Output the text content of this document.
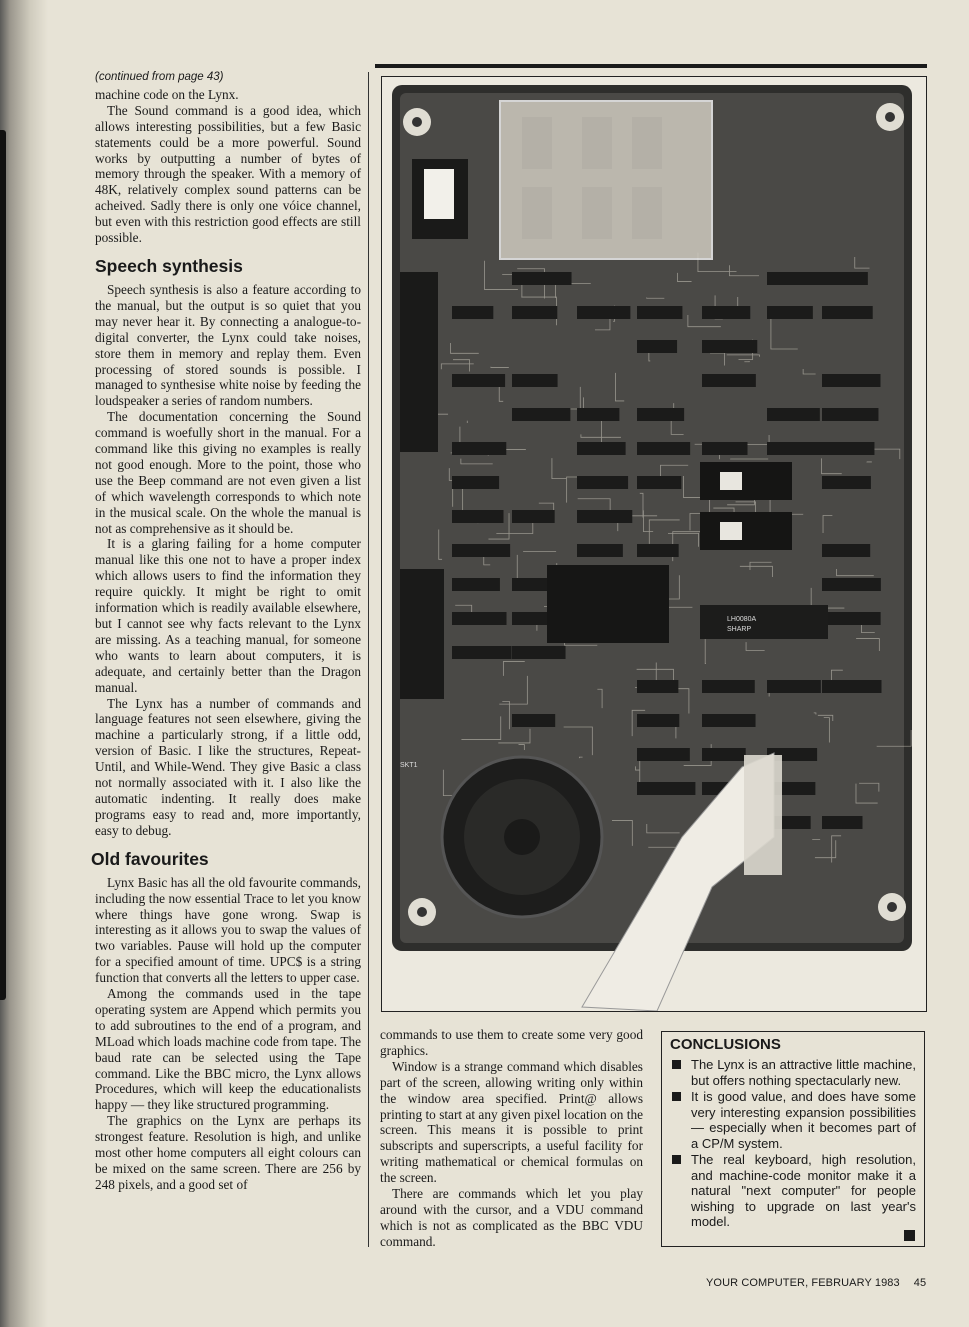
(continued from page 43)

machine code on the Lynx.

The Sound command is a good idea, which allows interesting possibilities, but a few Basic statements could be a more powerful. Sound works by outputting a number of bytes of memory through the speaker. With a memory of 48K, relatively complex sound patterns can be acheived. Sadly there is only one vóice channel, but even with this restriction good effects are still possible.

Speech synthesis

Speech synthesis is also a feature according to the manual, but the output is so quiet that you may never hear it. By connecting a analogue-to-digital converter, the Lynx could take noises, store them in memory and replay them. Even processing of stored sounds is possible. I managed to synthesise white noise by feeding the loudspeaker a series of random numbers.

The documentation concerning the Sound command is woefully short in the manual. For a command like this giving no examples is really not good enough. More to the point, those who use the Beep command are not even given a list of which wavelength corresponds to which note in the musical scale. On the whole the manual is not as comprehensive as it should be.

It is a glaring failing for a home computer manual like this one not to have a proper index which allows users to find the information they require quickly. It might be right to omit information which is readily available elsewhere, but I cannot see why facts relevant to the Lynx are missing. As a teaching manual, for someone who wants to learn about computers, it is adequate, and certainly better than the Dragon manual.

The Lynx has a number of commands and language features not seen elsewhere, giving the machine a particularly strong, if a little odd, version of Basic. I like the structures, Repeat-Until, and While-Wend. They give Basic a class not normally associated with it. I also like the automatic indenting. It really does make programs easy to read and, more importantly, easy to debug.

Old favourites

Lynx Basic has all the old favourite commands, including the now essential Trace to let you know where things have gone wrong. Swap is interesting as it allows you to swap the values of two variables. Pause will hold up the computer for a specified amount of time. UPC$ is a string function that converts all the letters to upper case.

Among the commands used in the tape operating system are Append which permits you to add subroutines to the end of a program, and MLoad which loads machine code from tape. The baud rate can be selected using the Tape command. Like the BBC micro, the Lynx allows Procedures, which will keep the educationalists happy — they like structured programming.

The graphics on the Lynx are perhaps its strongest feature. Resolution is high, and unlike most other home computers all eight colours can be mixed on the same screen. There are 256 by 248 pixels, and a good set of

LH0080A
SHARP
SKT1

commands to use them to create some very good graphics.

Window is a strange command which disables part of the screen, allowing writing only within the window area specified. Print@ allows printing to start at any given pixel location on the screen. This means it is possible to print subscripts and superscripts, a useful facility for writing mathematical or chemical formulas on the screen.

There are commands which let you play around with the cursor, and a VDU command which is not as complicated as the BBC VDU command.

CONCLUSIONS
The Lynx is an attractive little machine, but offers nothing spectacularly new.
It is good value, and does have some very interesting expansion possibilities — especially when it becomes part of a CP/M system.
The real keyboard, high resolution, and machine-code monitor make it a natural "next computer" for people wishing to upgrade on last year's model.
YOUR COMPUTER, FEBRUARY 1983 45
